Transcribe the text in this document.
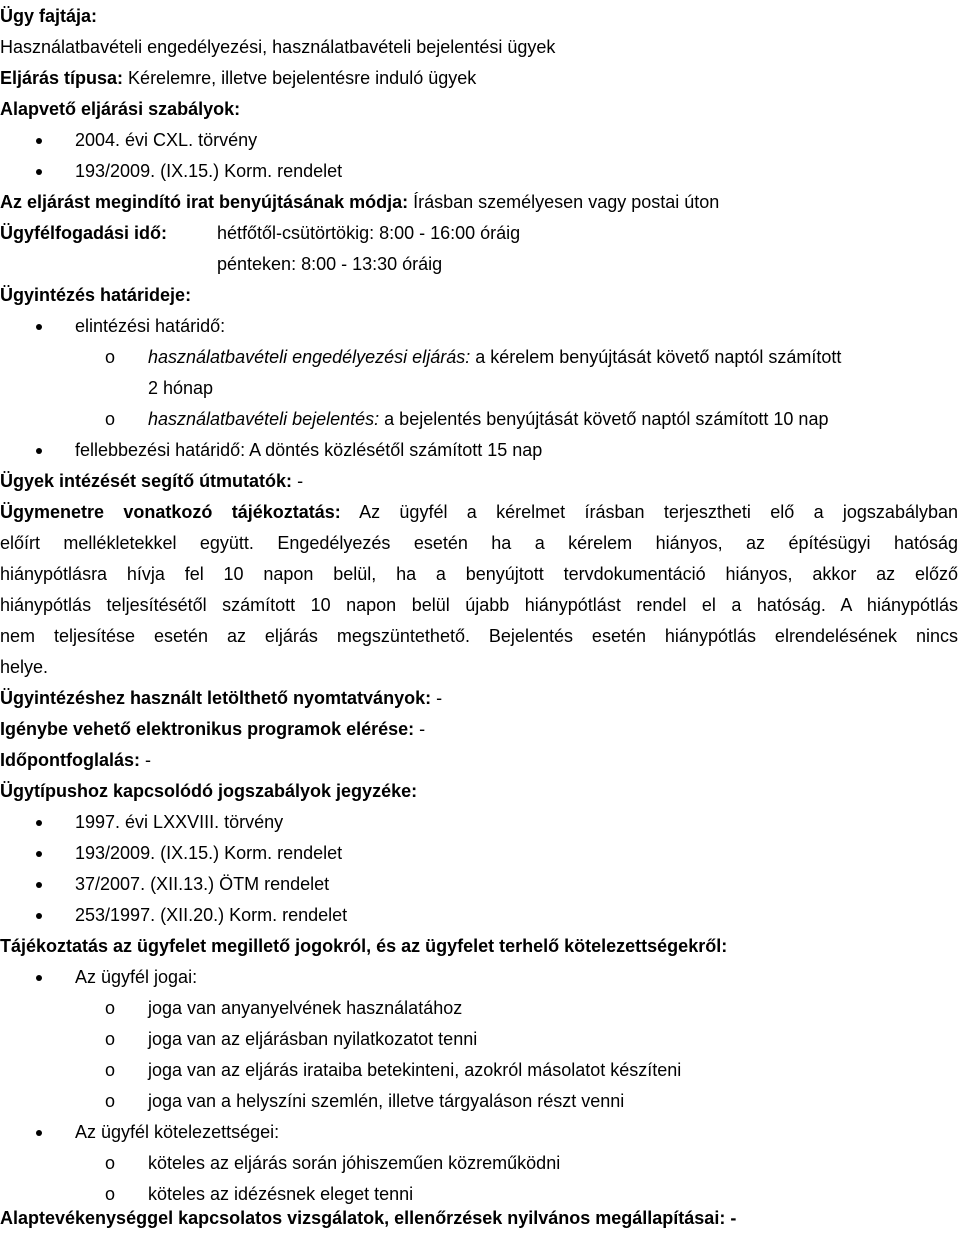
Ügy fajtája:
Használatbavételi engedélyezési, használatbavételi bejelentési ügyek
Eljárás típusa: Kérelemre, illetve bejelentésre induló ügyek
Alapvető eljárási szabályok:
2004. évi CXL. törvény
193/2009. (IX.15.) Korm. rendelet
Az eljárást megindító irat benyújtásának módja: Írásban személyesen vagy postai úton
Ügyfélfogadási idő:	hétfőtől-csütörtökig: 8:00 - 16:00 óráig
pénteken: 8:00 - 13:30 óráig
Ügyintézés határideje:
elintézési határidő:
o használatbavételi engedélyezési eljárás: a kérelem benyújtását követő naptól számított
2 hónap
o használatbavételi bejelentés: a bejelentés benyújtását követő naptól számított 10 nap
fellebbezési határidő: A döntés közlésétől számított 15 nap
Ügyek intézését segítő útmutatók: -
Ügymenetre vonatkozó tájékoztatás: Az ügyfél a kérelmet írásban terjesztheti elő a jogszabályban
előírt mellékletekkel együtt. Engedélyezés esetén ha a kérelem hiányos, az építésügyi hatóság
hiánypótlásra hívja fel 10 napon belül, ha a benyújtott tervdokumentáció hiányos, akkor az előző
hiánypótlás teljesítésétől számított 10 napon belül újabb hiánypótlást rendel el a hatóság. A hiánypótlás
nem teljesítése esetén az eljárás megszüntethető. Bejelentés esetén hiánypótlás elrendelésének nincs
helye.
Ügyintézéshez használt letölthető nyomtatványok: -
Igénybe vehető elektronikus programok elérése: -
Időpontfoglalás: -
Ügytípushoz kapcsolódó jogszabályok jegyzéke:
1997. évi LXXVIII. törvény
193/2009. (IX.15.) Korm. rendelet
37/2007. (XII.13.) ÖTM rendelet
253/1997. (XII.20.) Korm. rendelet
Tájékoztatás az ügyfelet megillető jogokról, és az ügyfelet terhelő kötelezettségekről:
Az ügyfél jogai:
o joga van anyanyelvének használatához
o joga van az eljárásban nyilatkozatot tenni
o joga van az eljárás irataiba betekinteni, azokról másolatot készíteni
o joga van a helyszíni szemlén, illetve tárgyaláson részt venni
Az ügyfél kötelezettségei:
o köteles az eljárás során jóhiszeműen közreműködni
o köteles az idézésnek eleget tenni
Alaptevékenységgel kapcsolatos vizsgálatok, ellenőrzések nyilvános megállapításai: -
